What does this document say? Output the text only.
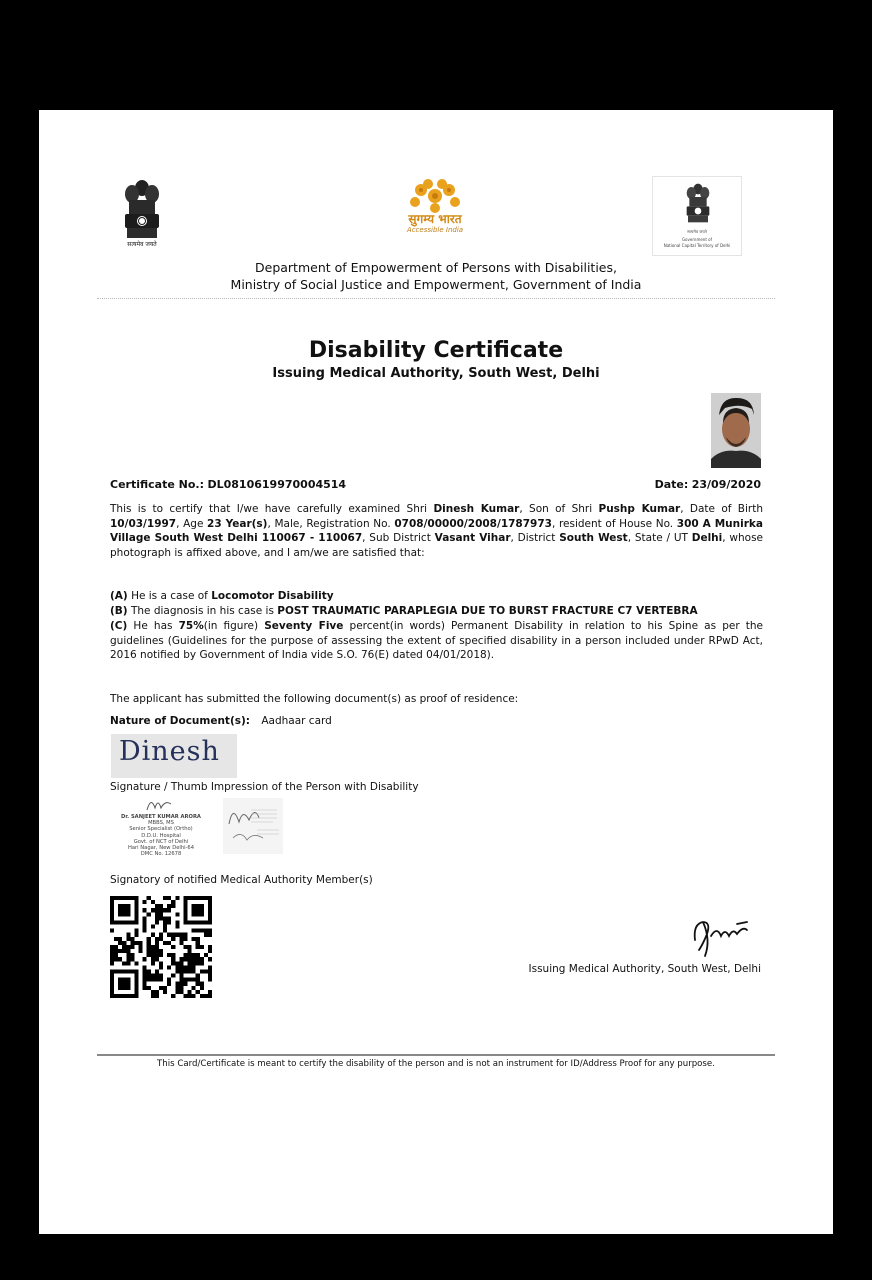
सत्यमेव जयते
सुगम्य भारत
Accessible India	सत्यमेव जयते
Government of
National Capital Territory of Delhi
Department of Empowerment of Persons with Disabilities,
Ministry of Social Justice and Empowerment, Government of India
Disability Certificate
Issuing Medical Authority, South West, Delhi
Certificate No.: DL0810619970004514	Date: 23/09/2020
This is to certify that I/we have carefully examined Shri Dinesh Kumar, Son of Shri Pushp Kumar, Date of Birth 10/03/1997, Age 23 Year(s), Male, Registration No. 0708/00000/2008/1787973, resident of House No. 300 A Munirka Village South West Delhi 110067 - 110067, Sub District Vasant Vihar, District South West, State / UT Delhi, whose photograph is affixed above, and I am/we are satisfied that:
(A) He is a case of Locomotor Disability
(B) The diagnosis in his case is POST TRAUMATIC PARAPLEGIA DUE TO BURST FRACTURE C7 VERTEBRA
(C) He has 75%(in figure) Seventy Five percent(in words) Permanent Disability in relation to his Spine as per the guidelines (Guidelines for the purpose of assessing the extent of specified disability in a person included under RPwD Act, 2016 notified by Government of India vide S.O. 76(E) dated 04/01/2018).
The applicant has submitted the following document(s) as proof of residence:
Nature of Document(s): Aadhaar card
Dinesh
Signature / Thumb Impression of the Person with Disability
Dr. SANJEET KUMAR ARORA
MBBS, MS
Senior Specialist (Ortho)
D.D.U. Hospital
Govt. of NCT of Delhi
Hari Nagar, New Delhi-64
DMC No. 12678
Signatory of notified Medical Authority Member(s)
Issuing Medical Authority, South West, Delhi
This Card/Certificate is meant to certify the disability of the person and is not an instrument for ID/Address Proof for any purpose.
